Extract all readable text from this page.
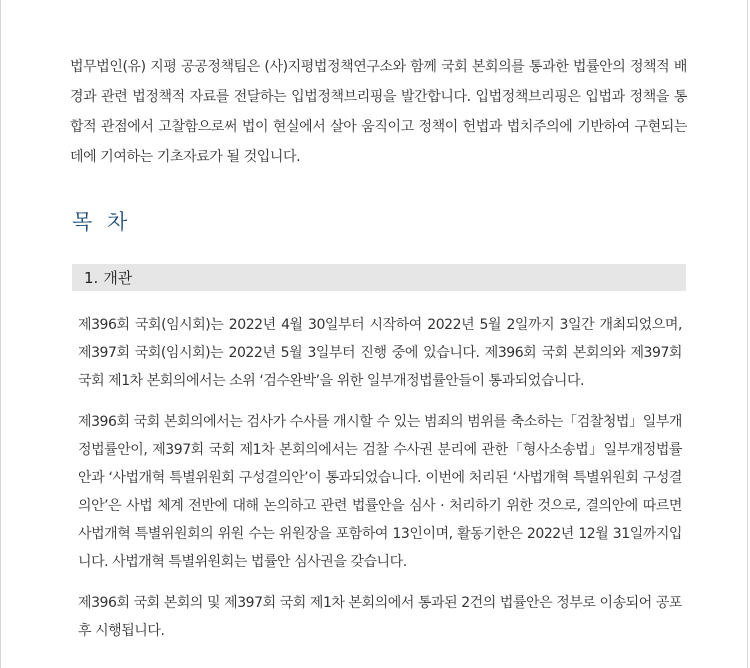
법무법인(유) 지평 공공정책팀은 (사)지평법정책연구소와 함께 국회 본회의를 통과한 법률안의 정책적 배경과 관련 법정책적 자료를 전달하는 입법정책브리핑을 발간합니다. 입법정책브리핑은 입법과 정책을 통합적 관점에서 고찰함으로써 법이 현실에서 살아 움직이고 정책이 헌법과 법치주의에 기반하여 구현되는 데에 기여하는 기초자료가 될 것입니다.

목 차
1. 개관

제396회 국회(임시회)는 2022년 4월 30일부터 시작하여 2022년 5월 2일까지 3일간 개최되었으며, 제397회 국회(임시회)는 2022년 5월 3일부터 진행 중에 있습니다. 제396회 국회 본회의와 제397회 국회 제1차 본회의에서는 소위 ‘검수완박’을 위한 일부개정법률안들이 통과되었습니다.

제396회 국회 본회의에서는 검사가 수사를 개시할 수 있는 범죄의 범위를 축소하는「검찰청법」일부개정법률안이, 제397회 국회 제1차 본회의에서는 검찰 수사권 분리에 관한「형사소송법」일부개정법률안과 ‘사법개혁 특별위원회 구성결의안’이 통과되었습니다. 이번에 처리된 ‘사법개혁 특별위원회 구성결의안’은 사법 체계 전반에 대해 논의하고 관련 법률안을 심사 · 처리하기 위한 것으로, 결의안에 따르면 사법개혁 특별위원회의 위원 수는 위원장을 포함하여 13인이며, 활동기한은 2022년 12월 31일까지입니다. 사법개혁 특별위원회는 법률안 심사권을 갖습니다.

제396회 국회 본회의 및 제397회 국회 제1차 본회의에서 통과된 2건의 법률안은 정부로 이송되어 공포 후 시행됩니다.
